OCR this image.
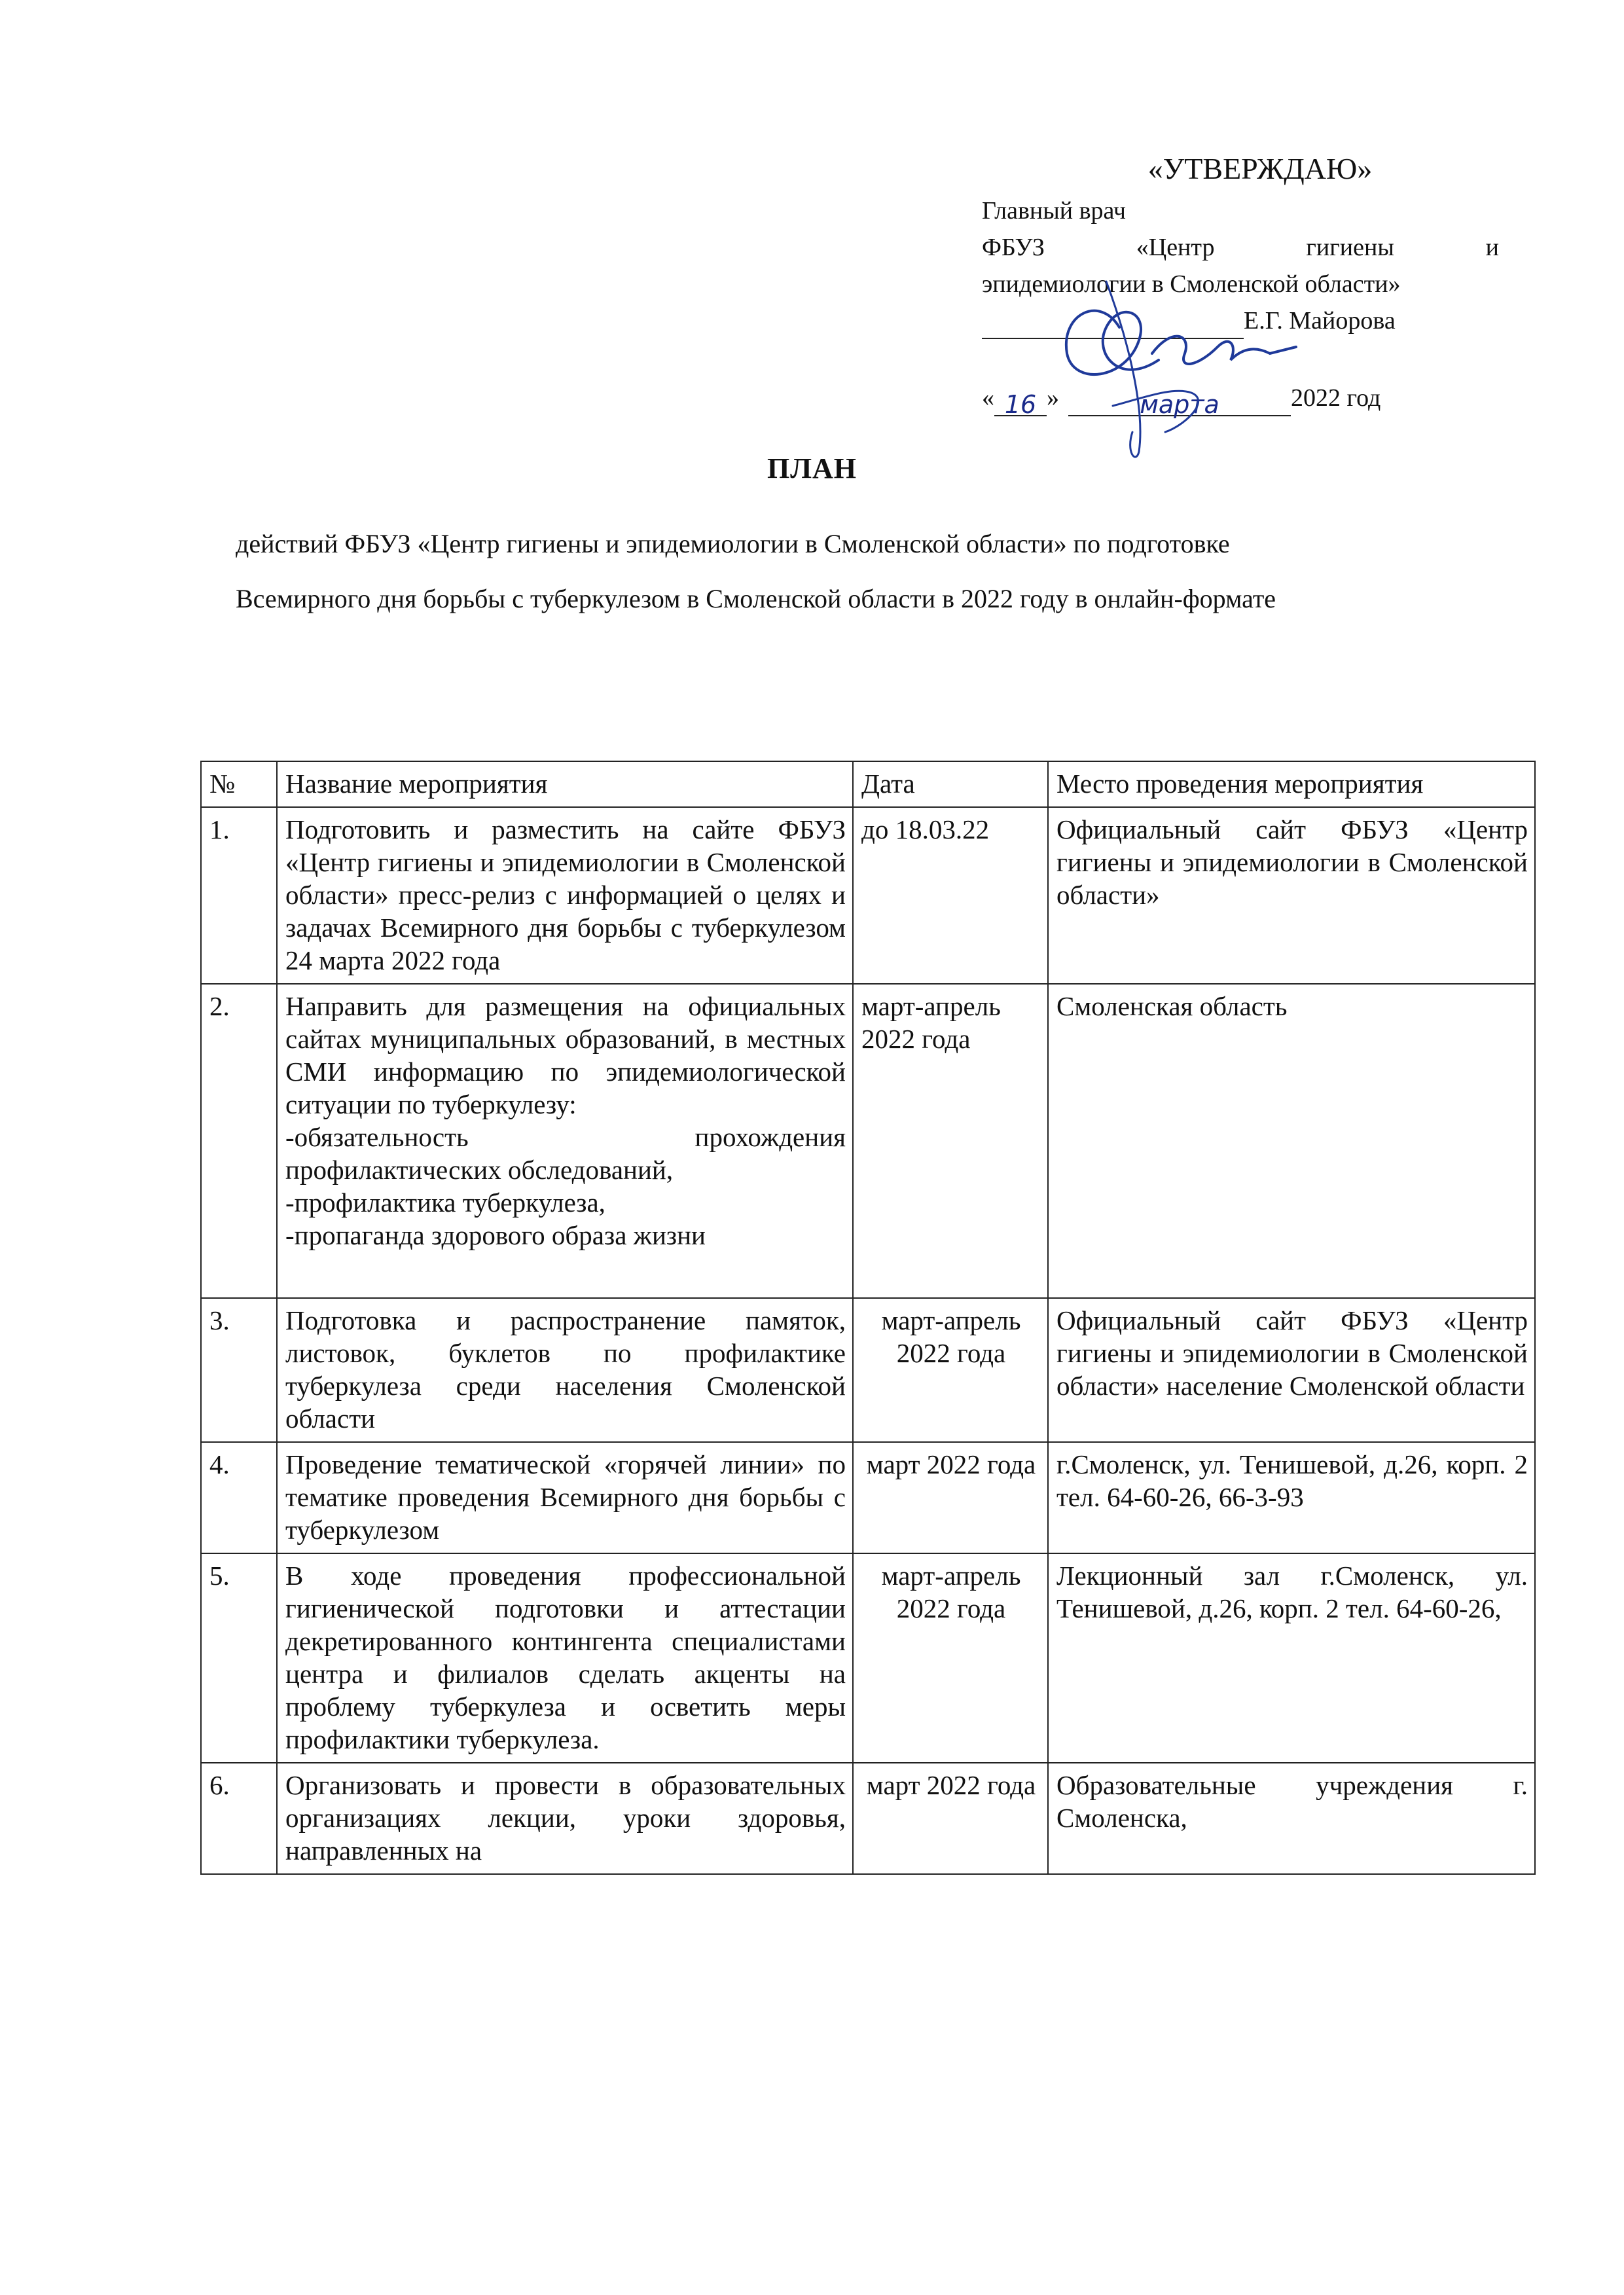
«УТВЕРЖДАЮ»
Главный врач
ФБУЗ «Центр гигиены и
эпидемиологии в Смоленской области»
Е.Г. Майорова
« 16 »	марта	2022 год
ПЛАН

действий ФБУЗ «Центр гигиены и эпидемиологии в Смоленской области» по подготовке

Всемирного дня борьбы с туберкулезом в Смоленской области в 2022 году в онлайн-формате

№	Название мероприятия	Дата	Место проведения мероприятия
1.	Подготовить и разместить на сайте ФБУЗ «Центр гигиены и эпидемиологии в Смоленской области» пресс-релиз с информацией о целях и задачах Всемирного дня борьбы с туберкулезом 24 марта 2022 года	до 18.03.22	Официальный сайт ФБУЗ «Центр гигиены и эпидемиологии в Смоленской области»
2.	Направить для размещения на официальных сайтах муниципальных образований, в местных СМИ информацию по эпидемиологической ситуации по туберкулезу:
-обязательность прохождения профилактических обследований,
-профилактика туберкулеза,
-пропаганда здорового образа жизни	март-апрель 2022 года	Смоленская область
3.	Подготовка и распространение памяток, листовок, буклетов по профилактике туберкулеза среди населения Смоленской области	март-апрель 2022 года	Официальный сайт ФБУЗ «Центр гигиены и эпидемиологии в Смоленской области» население Смоленской области
4.	Проведение тематической «горячей линии» по тематике проведения Всемирного дня борьбы с туберкулезом	март 2022 года	г.Смоленск, ул. Тенишевой, д.26, корп. 2 тел. 64-60-26, 66-3-93
5.	В ходе проведения профессиональной гигиенической подготовки и аттестации декретированного контингента специалистами центра и филиалов сделать акценты на проблему туберкулеза и осветить меры профилактики туберкулеза.	март-апрель 2022 года	Лекционный зал г.Смоленск, ул. Тенишевой, д.26, корп. 2 тел. 64-60-26,
6.	Организовать и провести в образовательных организациях лекции, уроки здоровья, направленных на	март 2022 года	Образовательные учреждения г. Смоленска,
